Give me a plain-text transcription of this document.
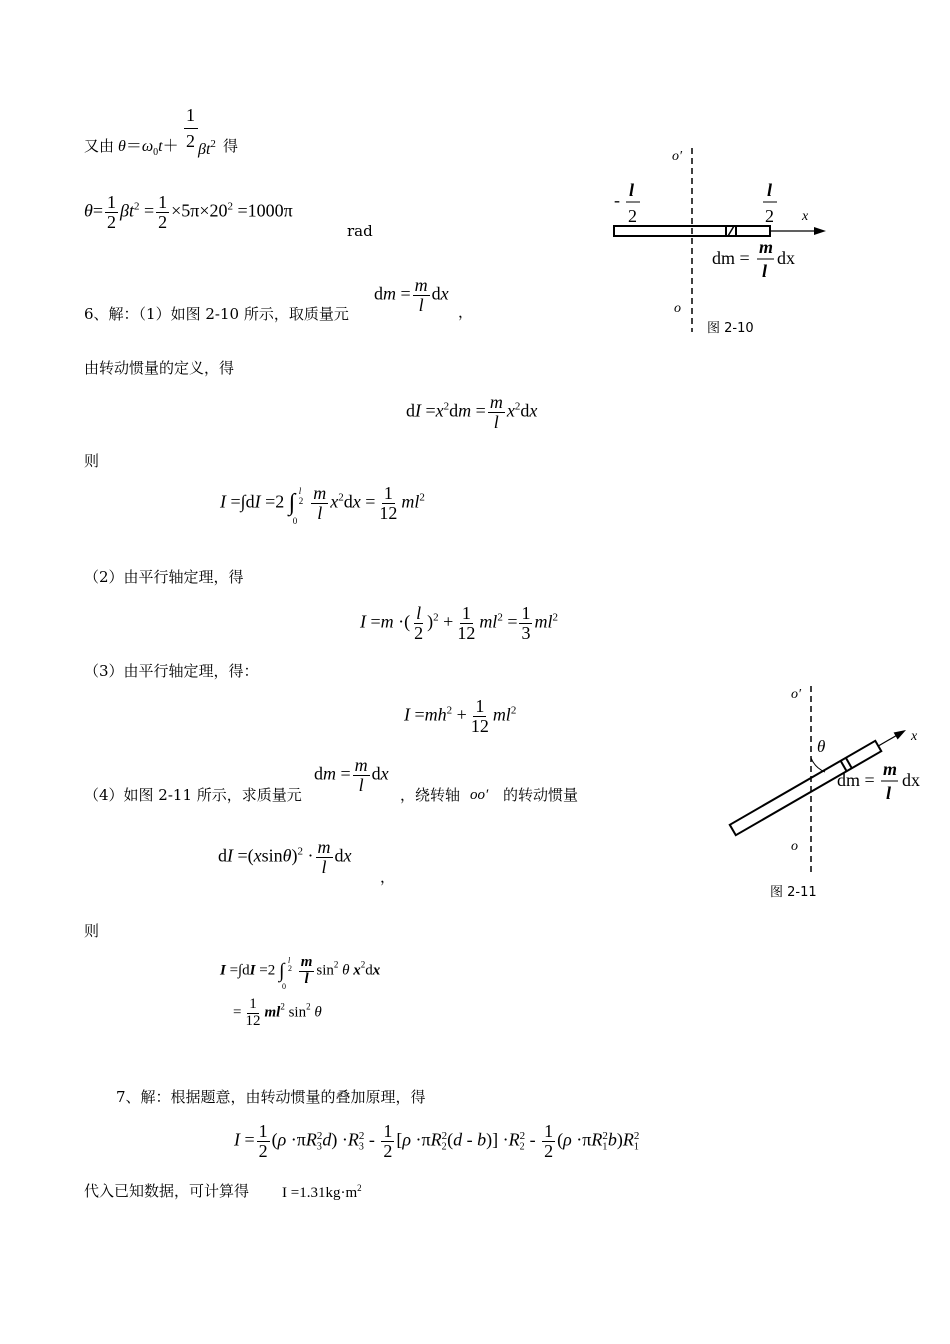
又由
1
2
$\theta=\omega_0t+ \beta t^2$ 得
$\theta= \frac{1}{2} \beta t^2 = \frac{1}{2} \times 5\pi\times 20^2 =1000\pi$
rad
o′
o
x
- l
2
l
2
dm =
m
l
dx
图 2-10
6、解：（1）如图 2-10 所示，取质量元
dm = $\frac{m}{l}$ dx
，
由转动惯量的定义，得
dI $=x^2dm = \frac{m}{l} x^2dx$
则
I =∫dI =2 ∫ l
2
0
$\frac{m}{l} x^2dx = \frac{1}{12} ml^2$
（2）由平行轴定理，得
I =m ·( $\frac{l}{2} )^2 + \frac{1}{12} ml^2 = \frac{1}{3} ml^2$
（3）由平行轴定理，得：
$I =mh^2 + \frac{1}{12} ml^2$
o′
o
x
θ
dm =
m
l
dx
图 2-11
（4）如图 2-11 所示，求质量元
dm = $\frac{m}{l}$ dx
，绕转轴 oo′ 的转动惯量
dI $=(xsin\theta)^2 \cdot \frac{m}{l}$ dx
，
则
I =∫dI =2 ∫ l
2
0
$\frac{m}{l} \sin^2 \theta$ $x^2dx$
= $\frac{1}{12} ml^2$ $\sin^2 \theta$
7、解：根据题意，由转动惯量的叠加原理，得
$I = \frac{1}{2} (\rho \cdot\pi R_3^2d) \cdot R_3^2 - \frac{1}{2} [\rho \cdot\pi R_2^2(d - b)] \cdot R_2^2 - \frac{1}{2} (\rho \cdot\pi R_1^2b)R_1^2$
代入已知数据，可计算得 $I =1.31kg\cdot m^2$
